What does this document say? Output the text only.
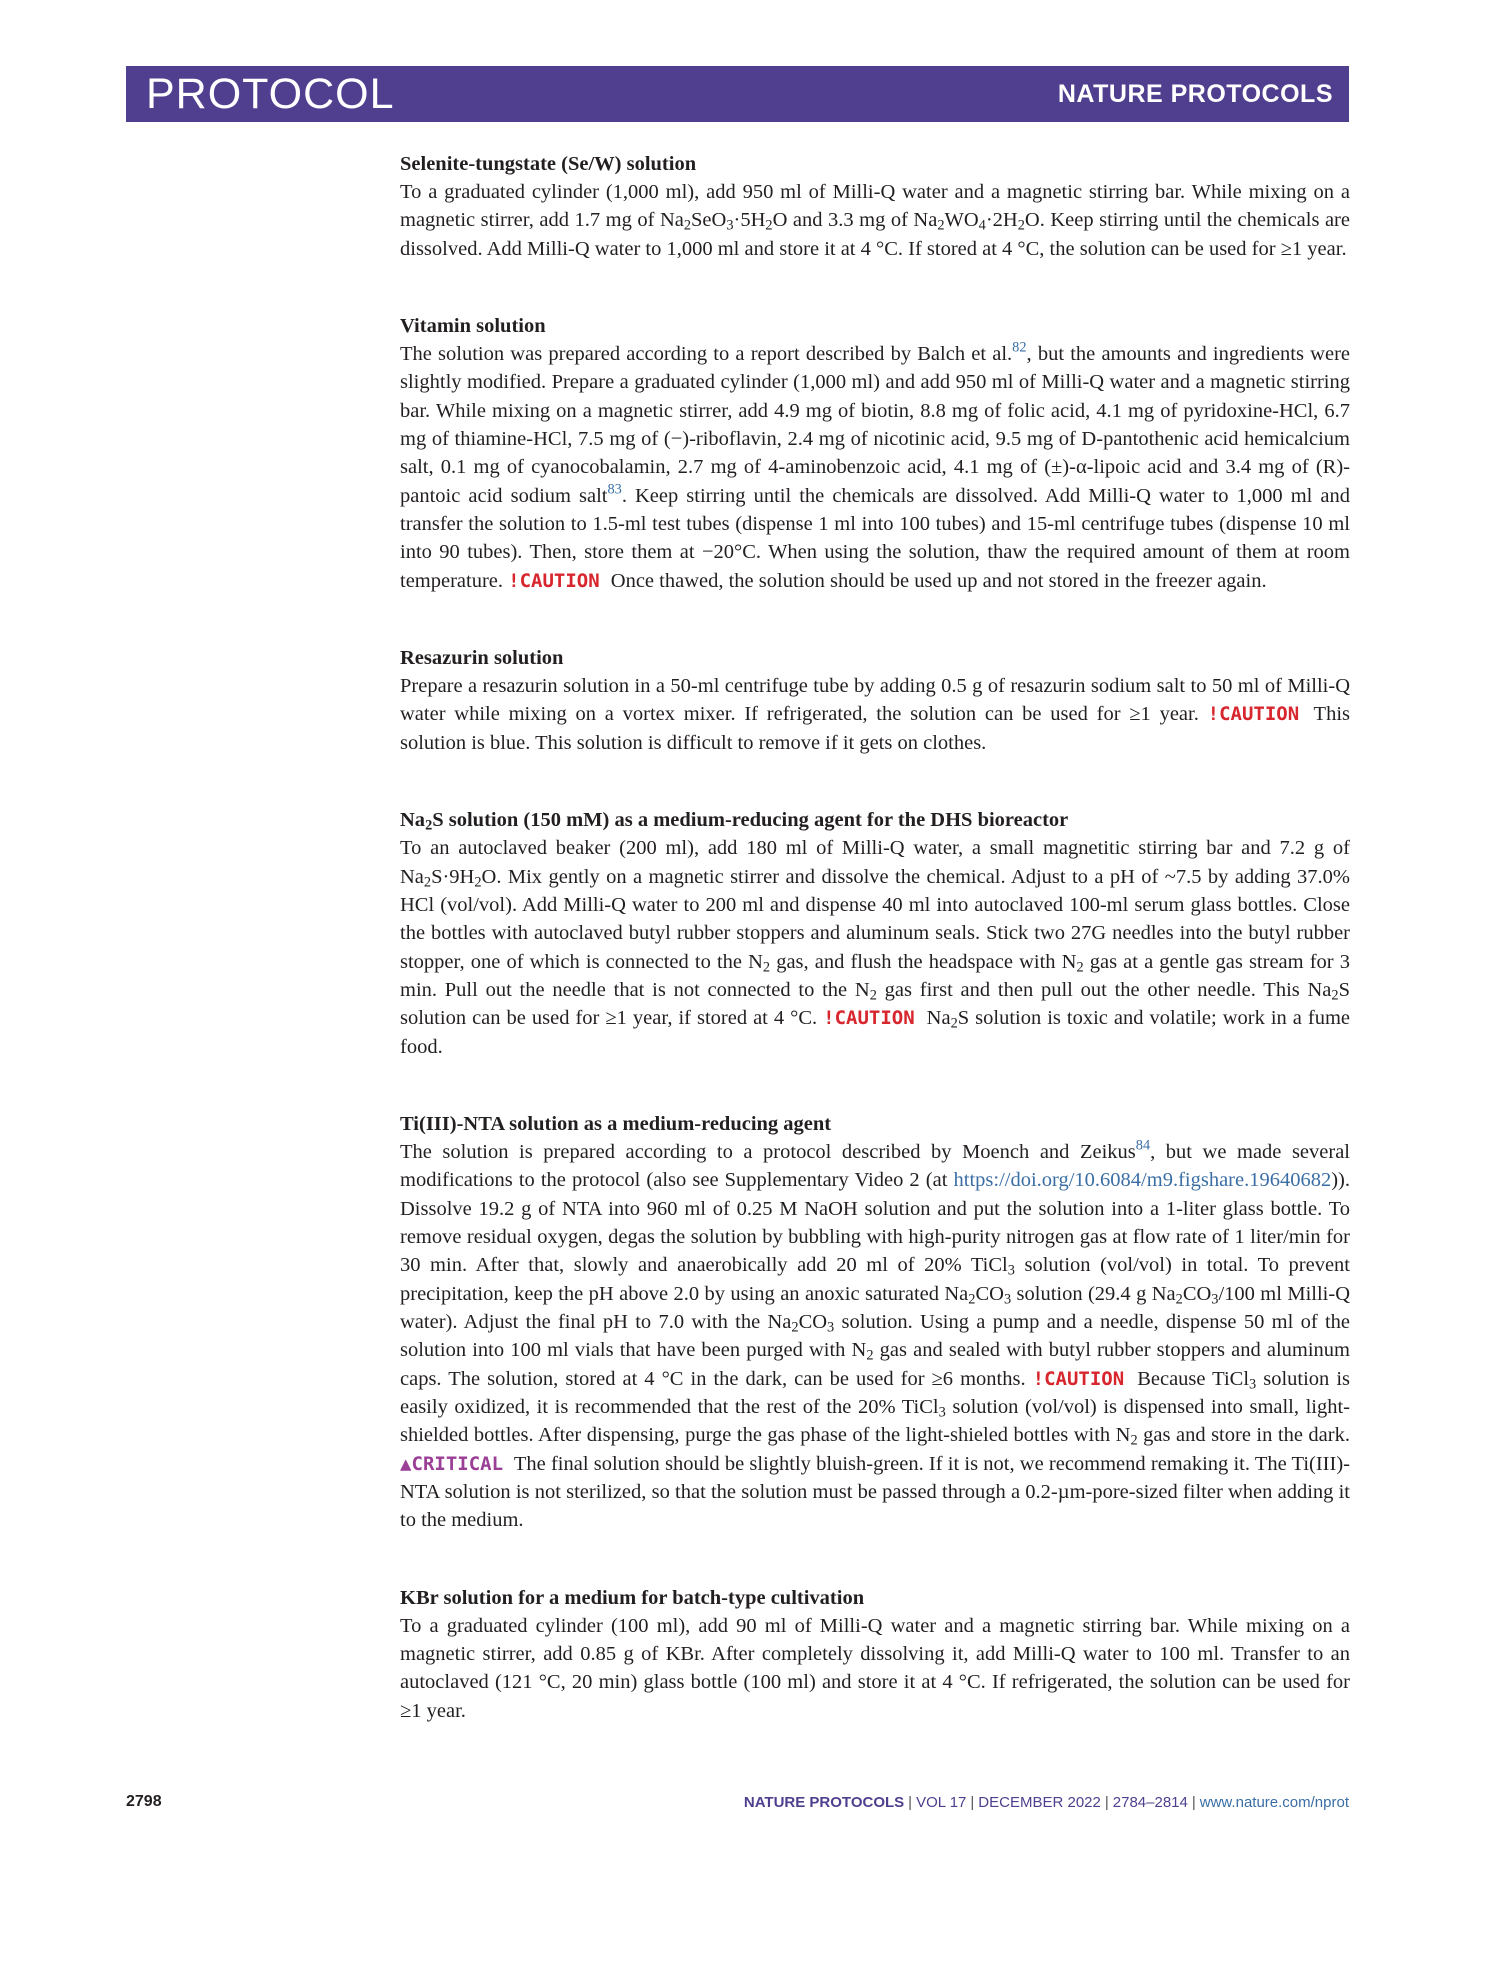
PROTOCOL	NATURE PROTOCOLS
Selenite-tungstate (Se/W) solution

To a graduated cylinder (1,000 ml), add 950 ml of Milli-Q water and a magnetic stirring bar. While mixing on a magnetic stirrer, add 1.7 mg of $Na_2SeO_3\cdot 5H_2O$ and 3.3 mg of $Na_2WO_4\cdot 2H_2O$. Keep stirring until the chemicals are dissolved. Add Milli-Q water to 1,000 ml and store it at 4 °C. If stored at 4 °C, the solution can be used for ≥1 year.

Vitamin solution

The solution was prepared according to a report described by Balch et al.$^{82}$, but the amounts and ingredients were slightly modified. Prepare a graduated cylinder (1,000 ml) and add 950 ml of Milli-Q water and a magnetic stirring bar. While mixing on a magnetic stirrer, add 4.9 mg of biotin, 8.8 mg of folic acid, 4.1 mg of pyridoxine-HCl, 6.7 mg of thiamine-HCl, 7.5 mg of (−)-riboflavin, 2.4 mg of nicotinic acid, 9.5 mg of D-pantothenic acid hemicalcium salt, 0.1 mg of cyanocobalamin, 2.7 mg of 4-aminobenzoic acid, 4.1 mg of (±)-α-lipoic acid and 3.4 mg of (R)-pantoic acid sodium salt$^{83}$. Keep stirring until the chemicals are dissolved. Add Milli-Q water to 1,000 ml and transfer the solution to 1.5-ml test tubes (dispense 1 ml into 100 tubes) and 15-ml centrifuge tubes (dispense 10 ml into 90 tubes). Then, store them at −20°C. When using the solution, thaw the required amount of them at room temperature. !CAUTION Once thawed, the solution should be used up and not stored in the freezer again.

Resazurin solution

Prepare a resazurin solution in a 50-ml centrifuge tube by adding 0.5 g of resazurin sodium salt to 50 ml of Milli-Q water while mixing on a vortex mixer. If refrigerated, the solution can be used for ≥1 year. !CAUTION This solution is blue. This solution is difficult to remove if it gets on clothes.

$Na_2S$ solution (150 mM) as a medium-reducing agent for the DHS bioreactor

To an autoclaved beaker (200 ml), add 180 ml of Milli-Q water, a small magnetitic stirring bar and 7.2 g of $Na_2S\cdot 9H_2O$. Mix gently on a magnetic stirrer and dissolve the chemical. Adjust to a pH of ~7.5 by adding 37.0% HCl (vol/vol). Add Milli-Q water to 200 ml and dispense 40 ml into autoclaved 100-ml serum glass bottles. Close the bottles with autoclaved butyl rubber stoppers and aluminum seals. Stick two 27G needles into the butyl rubber stopper, one of which is connected to the $N_2$ gas, and flush the headspace with $N_2$ gas at a gentle gas stream for 3 min. Pull out the needle that is not connected to the $N_2$ gas first and then pull out the other needle. This $Na_2S$ solution can be used for ≥1 year, if stored at 4 °C. !CAUTION $Na_2S$ solution is toxic and volatile; work in a fume food.

Ti(III)-NTA solution as a medium-reducing agent

The solution is prepared according to a protocol described by Moench and Zeikus$^{84}$, but we made several modifications to the protocol (also see Supplementary Video 2 (at https://doi.org/10.6084/m9.figshare.19640682)). Dissolve 19.2 g of NTA into 960 ml of 0.25 M NaOH solution and put the solution into a 1-liter glass bottle. To remove residual oxygen, degas the solution by bubbling with high-purity nitrogen gas at flow rate of 1 liter/min for 30 min. After that, slowly and anaerobically add 20 ml of 20% TiCl$_3$ solution (vol/vol) in total. To prevent precipitation, keep the pH above 2.0 by using an anoxic saturated $Na_2CO_3$ solution (29.4 g $Na_2CO_3/100$ ml Milli-Q water). Adjust the final pH to 7.0 with the $Na_2CO_3$ solution. Using a pump and a needle, dispense 50 ml of the solution into 100 ml vials that have been purged with $N_2$ gas and sealed with butyl rubber stoppers and aluminum caps. The solution, stored at 4 °C in the dark, can be used for ≥6 months. !CAUTION Because TiCl$_3$ solution is easily oxidized, it is recommended that the rest of the 20% TiCl$_3$ solution (vol/vol) is dispensed into small, light-shielded bottles. After dispensing, purge the gas phase of the light-shieled bottles with $N_2$ gas and store in the dark. ▲CRITICAL The final solution should be slightly bluish-green. If it is not, we recommend remaking it. The Ti(III)-NTA solution is not sterilized, so that the solution must be passed through a 0.2-µm-pore-sized filter when adding it to the medium.

KBr solution for a medium for batch-type cultivation

To a graduated cylinder (100 ml), add 90 ml of Milli-Q water and a magnetic stirring bar. While mixing on a magnetic stirrer, add 0.85 g of KBr. After completely dissolving it, add Milli-Q water to 100 ml. Transfer to an autoclaved (121 °C, 20 min) glass bottle (100 ml) and store it at 4 °C. If refrigerated, the solution can be used for ≥1 year.

2798	NATURE PROTOCOLS | VOL 17 | DECEMBER 2022 | 2784–2814 | www.nature.com/nprot
